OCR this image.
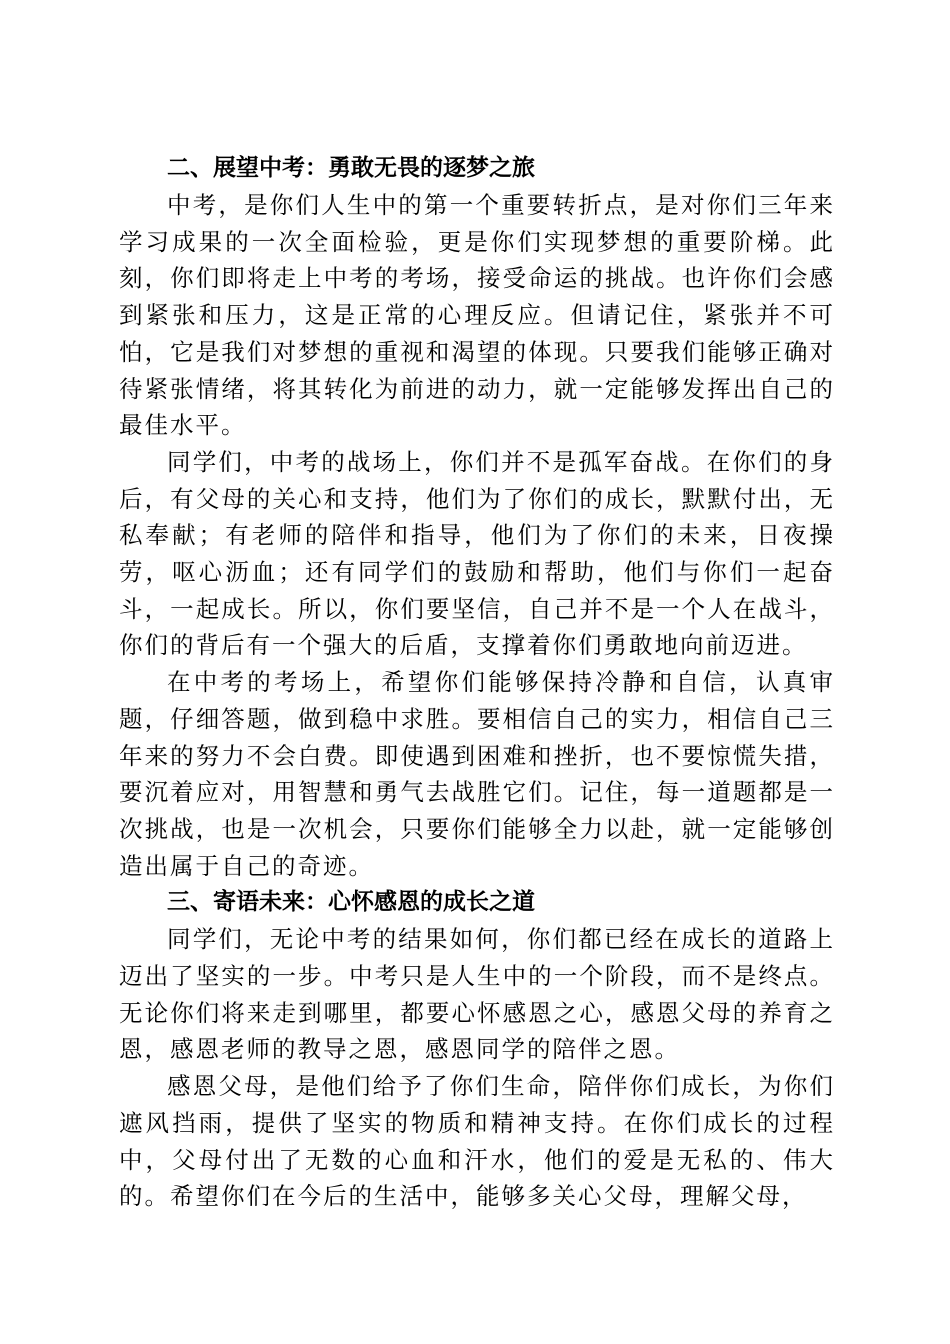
二、展望中考：勇敢无畏的逐梦之旅

中考，是你们人生中的第一个重要转折点，是对你们三年来学习成果的一次全面检验，更是你们实现梦想的重要阶梯。此刻，你们即将走上中考的考场，接受命运的挑战。也许你们会感到紧张和压力，这是正常的心理反应。但请记住，紧张并不可怕，它是我们对梦想的重视和渴望的体现。只要我们能够正确对待紧张情绪，将其转化为前进的动力，就一定能够发挥出自己的最佳水平。

同学们，中考的战场上，你们并不是孤军奋战。在你们的身后，有父母的关心和支持，他们为了你们的成长，默默付出，无私奉献；有老师的陪伴和指导，他们为了你们的未来，日夜操劳，呕心沥血；还有同学们的鼓励和帮助，他们与你们一起奋斗，一起成长。所以，你们要坚信，自己并不是一个人在战斗，你们的背后有一个强大的后盾，支撑着你们勇敢地向前迈进。

在中考的考场上，希望你们能够保持冷静和自信，认真审题，仔细答题，做到稳中求胜。要相信自己的实力，相信自己三年来的努力不会白费。即使遇到困难和挫折，也不要惊慌失措，要沉着应对，用智慧和勇气去战胜它们。记住，每一道题都是一次挑战，也是一次机会，只要你们能够全力以赴，就一定能够创造出属于自己的奇迹。

三、寄语未来：心怀感恩的成长之道

同学们，无论中考的结果如何，你们都已经在成长的道路上迈出了坚实的一步。中考只是人生中的一个阶段，而不是终点。无论你们将来走到哪里，都要心怀感恩之心，感恩父母的养育之恩，感恩老师的教导之恩，感恩同学的陪伴之恩。

感恩父母，是他们给予了你们生命，陪伴你们成长，为你们遮风挡雨，提供了坚实的物质和精神支持。在你们成长的过程中，父母付出了无数的心血和汗水，他们的爱是无私的、伟大的。希望你们在今后的生活中，能够多关心父母，理解父母，
